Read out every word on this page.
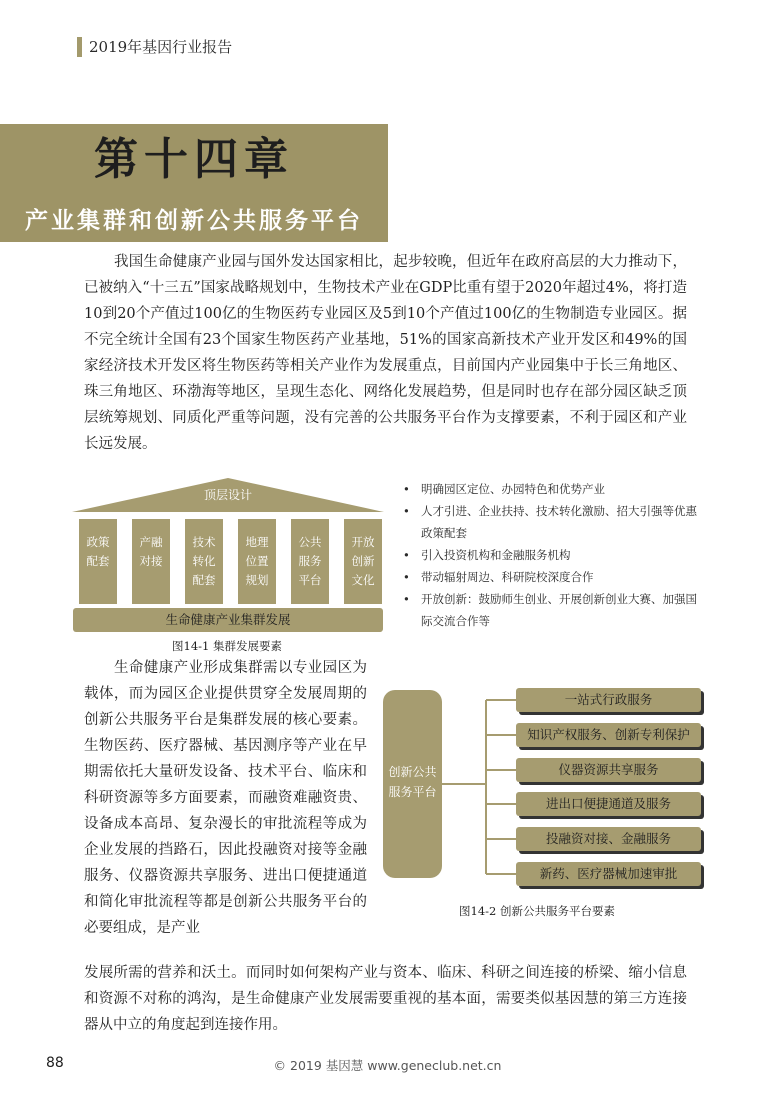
2019年基因行业报告
第十四章
产业集群和创新公共服务平台
我国生命健康产业园与国外发达国家相比，起步较晚，但近年在政府高层的大力推动下，已被纳入“十三五”国家战略规划中，生物技术产业在GDP比重有望于2020年超过4%，将打造10到20个产值过100亿的生物医药专业园区及5到10个产值过100亿的生物制造专业园区。据不完全统计全国有23个国家生物医药产业基地，51%的国家高新技术产业开发区和49%的国家经济技术开发区将生物医药等相关产业作为发展重点，目前国内产业园集中于长三角地区、珠三角地区、环渤海等地区，呈现生态化、网络化发展趋势，但是同时也存在部分园区缺乏顶层统筹规划、同质化严重等问题，没有完善的公共服务平台作为支撑要素，不利于园区和产业长远发展。
顶层设计
政策
配套
产融
对接
技术
转化
配套
地理
位置
规划
公共
服务
平台
开放
创新
文化
生命健康产业集群发展
图14-1 集群发展要素
• 明确园区定位、办园特色和优势产业
• 人才引进、企业扶持、技术转化激励、招大引强等优惠政策配套
• 引入投资机构和金融服务机构
• 带动辐射周边、科研院校深度合作
• 开放创新：鼓励师生创业、开展创新创业大赛、加强国际交流合作等
生命健康产业形成集群需以专业园区为载体，而为园区企业提供贯穿全发展周期的创新公共服务平台是集群发展的核心要素。生物医药、医疗器械、基因测序等产业在早期需依托大量研发设备、技术平台、临床和科研资源等多方面要素，而融资难融资贵、设备成本高昂、复杂漫长的审批流程等成为企业发展的挡路石，因此投融资对接等金融服务、仪器资源共享服务、进出口便捷通道和简化审批流程等都是创新公共服务平台的必要组成，是产业
创新公共
服务平台
一站式行政服务
知识产权服务、创新专利保护
仪器资源共享服务
进出口便捷通道及服务
投融资对接、金融服务
新药、医疗器械加速审批
图14-2 创新公共服务平台要素
发展所需的营养和沃土。而同时如何架构产业与资本、临床、科研之间连接的桥梁、缩小信息和资源不对称的鸿沟，是生命健康产业发展需要重视的基本面，需要类似基因慧的第三方连接器从中立的角度起到连接作用。
88	© 2019 基因慧 www.geneclub.net.cn
